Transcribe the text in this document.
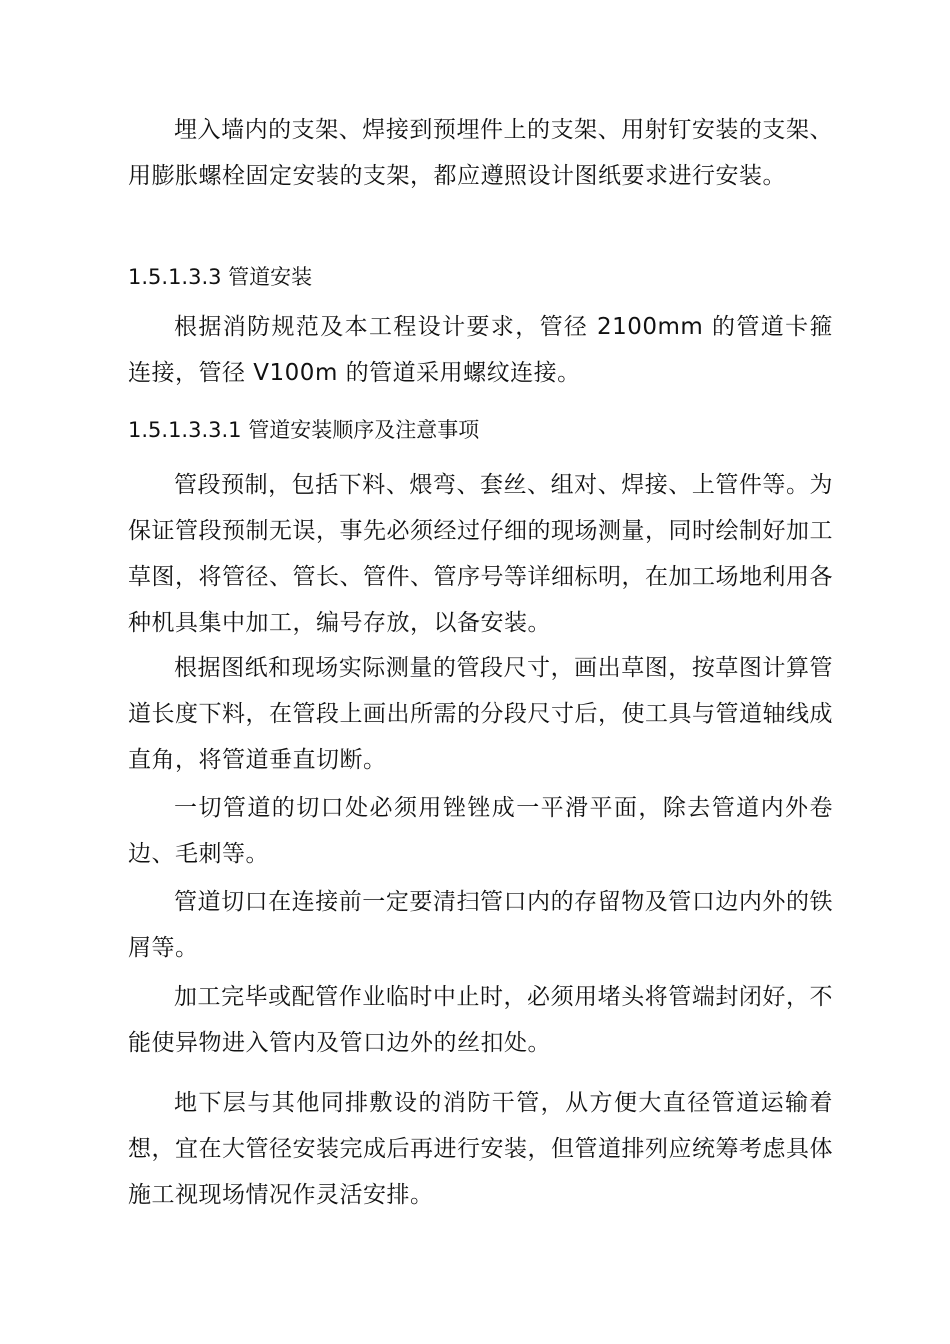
埋入墙内的支架、焊接到预埋件上的支架、用射钉安装的支架、用膨胀螺栓固定安装的支架，都应遵照设计图纸要求进行安装。

1.5.1.3.3 管道安装

根据消防规范及本工程设计要求，管径 2100mm 的管道卡箍连接，管径 V100m 的管道采用螺纹连接。

1.5.1.3.3.1 管道安装顺序及注意事项

管段预制，包括下料、煨弯、套丝、组对、焊接、上管件等。为保证管段预制无误，事先必须经过仔细的现场测量，同时绘制好加工草图，将管径、管长、管件、管序号等详细标明，在加工场地利用各种机具集中加工，编号存放，以备安装。

根据图纸和现场实际测量的管段尺寸，画出草图，按草图计算管道长度下料，在管段上画出所需的分段尺寸后，使工具与管道轴线成直角，将管道垂直切断。

一切管道的切口处必须用锉锉成一平滑平面，除去管道内外卷边、毛刺等。

管道切口在连接前一定要清扫管口内的存留物及管口边内外的铁屑等。

加工完毕或配管作业临时中止时，必须用堵头将管端封闭好，不能使异物进入管内及管口边外的丝扣处。

地下层与其他同排敷设的消防干管，从方便大直径管道运输着想，宜在大管径安装完成后再进行安装，但管道排列应统筹考虑具体施工视现场情况作灵活安排。
